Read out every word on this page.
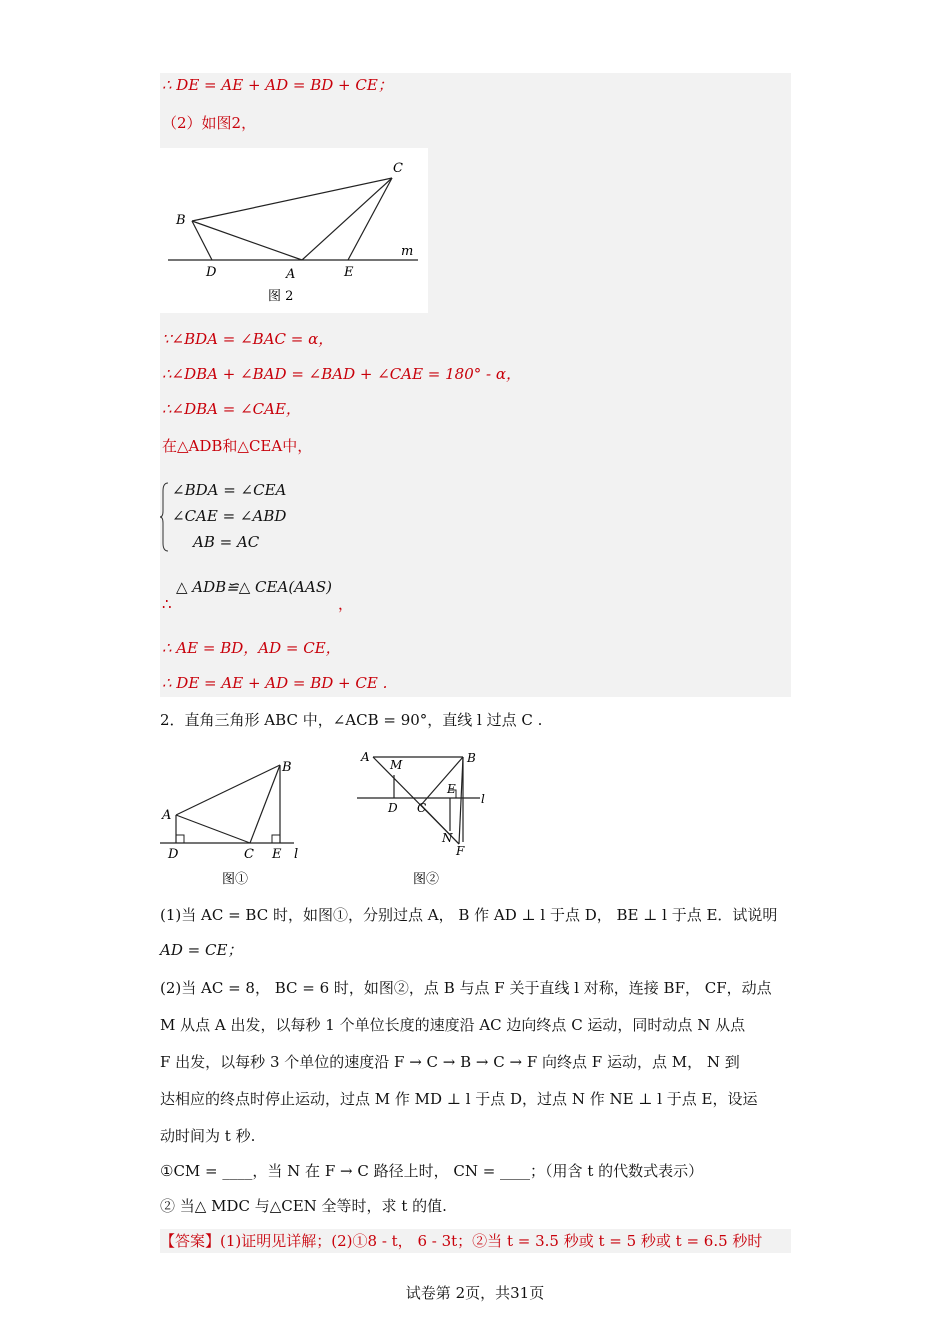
∴ DE = AE + AD = BD + CE；
（2）如图2，
B
C
D	A	E
m
图 2
∵∠BDA = ∠BAC = α，
∴∠DBA + ∠BAD = ∠BAD + ∠CAE = 180° - α，
∴∠DBA = ∠CAE，
在△ADB和△CEA中，
∠BDA = ∠CEA
∠CAE = ∠ABD
AB = AC
△ ADB≌△ CEA(AAS)
∴	，
∴ AE = BD，AD = CE，
∴ DE = AE + AD = BD + CE .
2．直角三角形 ABC 中，∠ACB = 90°，直线 l 过点 C .
A
B
D	C E l
图①
A
M	B
D C
E
l
N
F
图②
(1)当 AC = BC 时，如图①，分别过点 A， B 作 AD ⊥ l 于点 D， BE ⊥ l 于点 E．试说明
AD = CE；
(2)当 AC = 8， BC = 6 时，如图②，点 B 与点 F 关于直线 l 对称，连接 BF， CF，动点
M 从点 A 出发，以每秒 1 个单位长度的速度沿 AC 边向终点 C 运动，同时动点 N 从点
F 出发，以每秒 3 个单位的速度沿 F → C → B → C → F 向终点 F 运动，点 M， N 到
达相应的终点时停止运动，过点 M 作 MD ⊥ l 于点 D，过点 N 作 NE ⊥ l 于点 E，设运
动时间为 t 秒.
①CM = ____，当 N 在 F → C 路径上时， CN = ____；（用含 t 的代数式表示）
② 当△ MDC 与△CEN 全等时，求 t 的值.
【答案】(1)证明见详解；(2)①8 - t， 6 - 3t；②当 t = 3.5 秒或 t = 5 秒或 t = 6.5 秒时
试卷第 2页，共31页
